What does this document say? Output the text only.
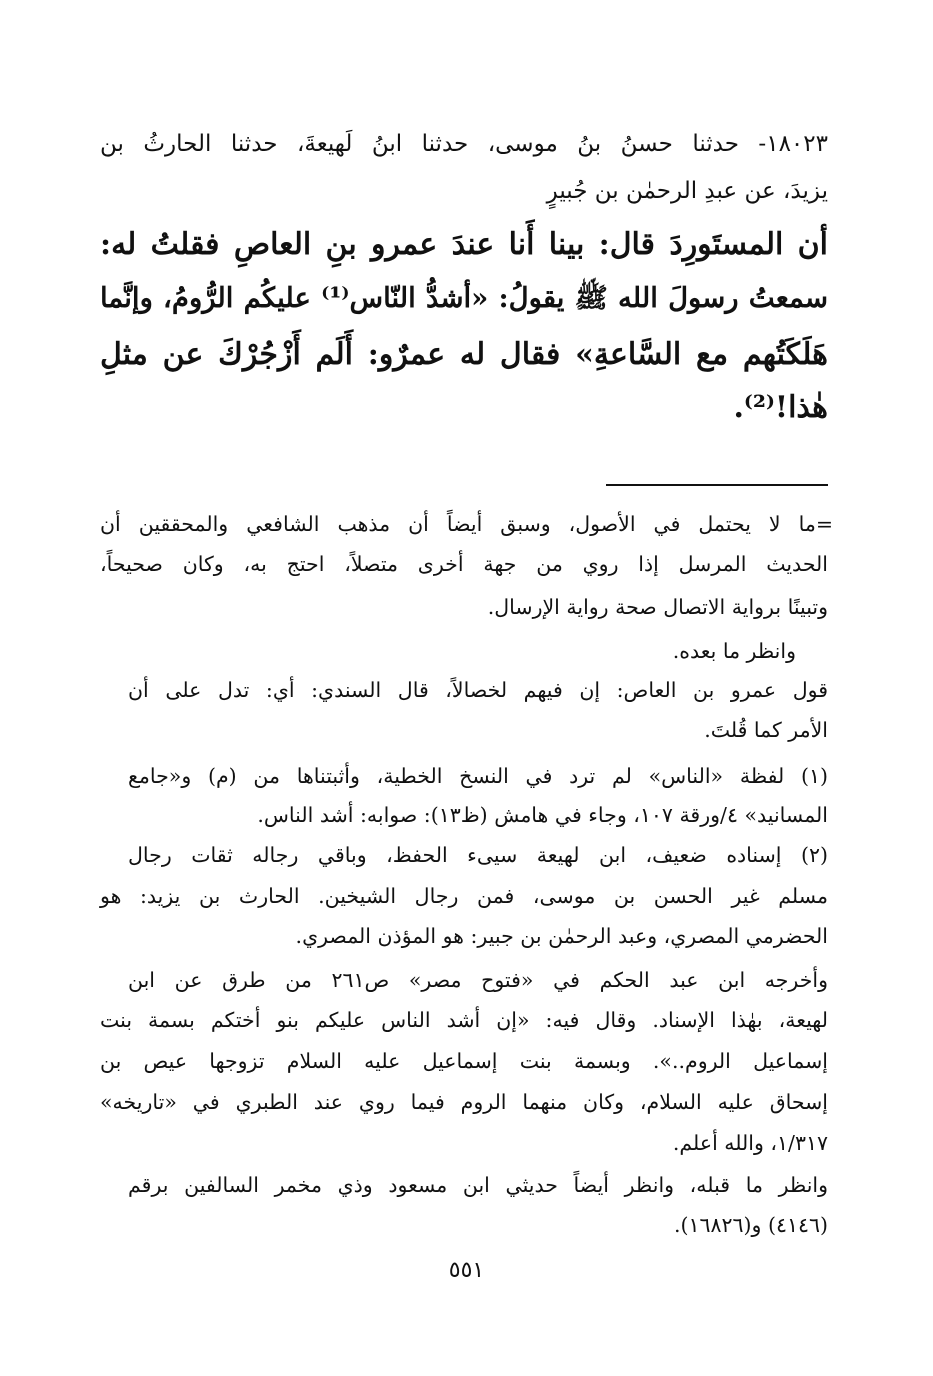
١٨٠٢٣- حدثنا حسنُ بنُ موسى، حدثنا ابنُ لَهيعةَ، حدثنا الحارثُ بن
يزيدَ، عن عبدِ الرحمٰن بن جُبيرٍ
أن المستَورِدَ قال: بينا أَنا عندَ عمرو بنِ العاصِ فقلتُ له:
سمعتُ رسولَ الله ﷺ يقولُ: «أشدُّ النّاس⁽¹⁾ عليكُم الرُّومُ، وإنَّما
هَلَكَتُهم مع السَّاعةِ» فقال له عمرٌو: أَلَم أَزْجُرْكَ عن مثلِ
هٰذا!⁽²⁾.
=ما لا يحتمل في الأصول، وسبق أيضاً أن مذهب الشافعي والمحققين أن
الحديث المرسل إذا روي من جهة أخرى متصلاً، احتج به، وكان صحيحاً،
وتبينًا برواية الاتصال صحة رواية الإرسال.
وانظر ما بعده.
قول عمرو بن العاص: إن فيهم لخصالاً، قال السندي: أي: تدل على أن
الأمر كما قُلتَ.
(١) لفظة «الناس» لم ترد في النسخ الخطية، وأثبتناها من (م) و«جامع
المسانيد» ٤/ورقة ١٠٧، وجاء في هامش (ظ١٣): صوابه: أشد الناس.
(٢) إسناده ضعيف، ابن لهيعة سيىء الحفظ، وباقي رجاله ثقات رجال
مسلم غير الحسن بن موسى، فمن رجال الشيخين. الحارث بن يزيد: هو
الحضرمي المصري، وعبد الرحمٰن بن جبير: هو المؤذن المصري.
وأخرجه ابن عبد الحكم في «فتوح مصر» ص٢٦١ من طرق عن ابن
لهيعة، بهٰذا الإسناد. وقال فيه: «إن أشد الناس عليكم بنو أختكم بسمة بنت
إسماعيل الروم..». وبسمة بنت إسماعيل عليه السلام تزوجها عيص بن
إسحاق عليه السلام، وكان منهما الروم فيما روي عند الطبري في «تاريخه»
١/٣١٧، والله أعلم.
وانظر ما قبله، وانظر أيضاً حديثي ابن مسعود وذي مخمر السالفين برقم
(٤١٤٦) و(١٦٨٢٦).
٥٥١
